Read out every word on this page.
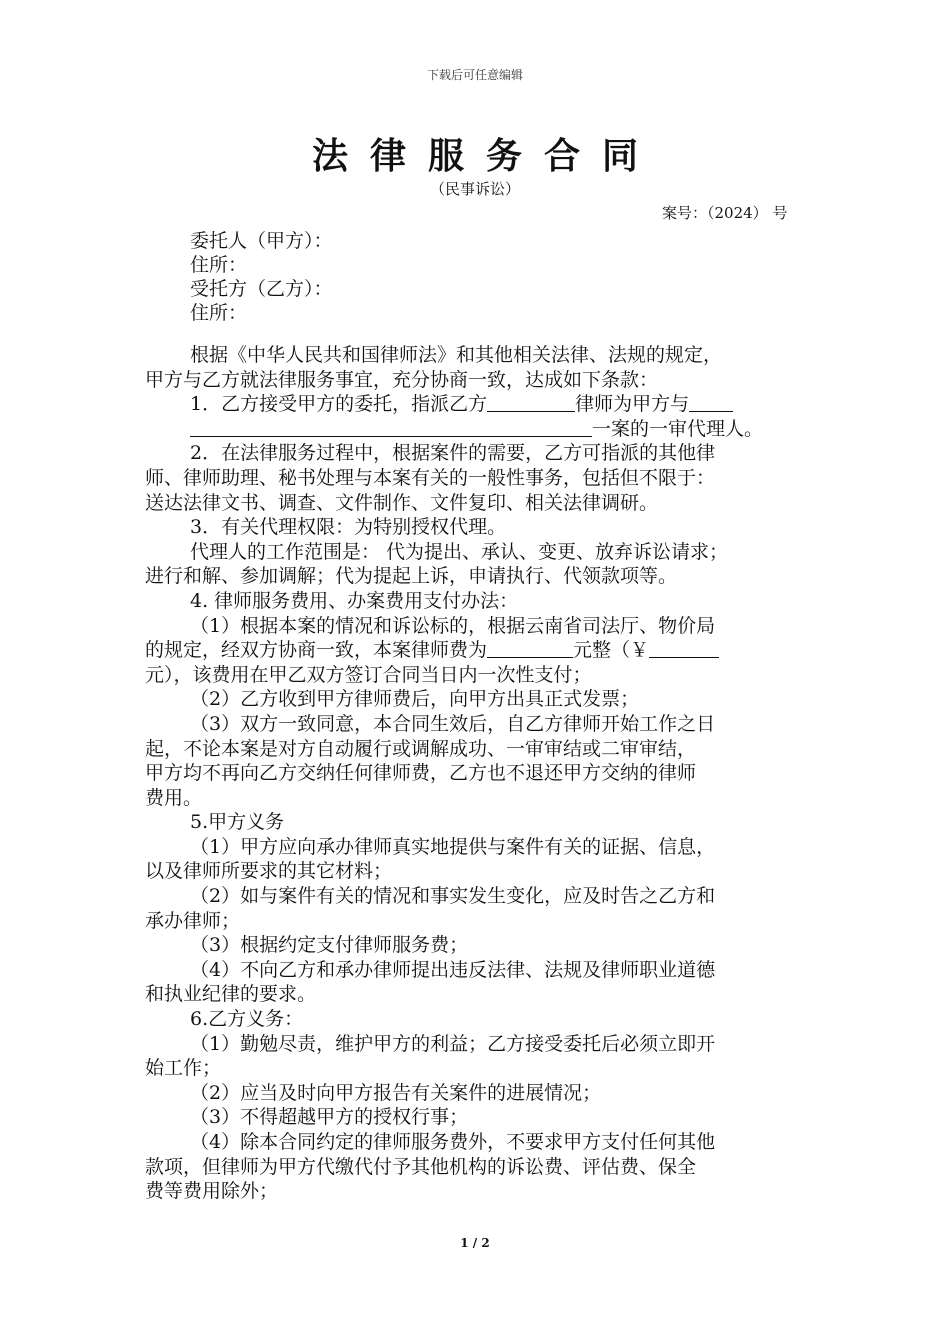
下载后可任意编辑
法律服务合同
（民事诉讼）
案号：（2024） 号
委托人（甲方）：
住所：
受托方（乙方）：
住所：
根据《中华人民共和国律师法》和其他相关法律、法规的规定，
甲方与乙方就法律服务事宜，充分协商一致，达成如下条款：
1．乙方接受甲方的委托，指派乙方	律师为甲方与
一案的一审代理人。
2．在法律服务过程中，根据案件的需要，乙方可指派的其他律
师、律师助理、秘书处理与本案有关的一般性事务，包括但不限于：
送达法律文书、调查、文件制作、文件复印、相关法律调研。
3．有关代理权限：为特别授权代理。
代理人的工作范围是： 代为提出、承认、变更、放弃诉讼请求；
进行和解、参加调解；代为提起上诉，申请执行、代领款项等。
4. 律师服务费用、办案费用支付办法：
（1）根据本案的情况和诉讼标的，根据云南省司法厅、物价局
的规定，经双方协商一致，本案律师费为	元整（￥
元），该费用在甲乙双方签订合同当日内一次性支付；
（2）乙方收到甲方律师费后，向甲方出具正式发票；
（3）双方一致同意，本合同生效后，自乙方律师开始工作之日
起，不论本案是对方自动履行或调解成功、一审审结或二审审结，
甲方均不再向乙方交纳任何律师费，乙方也不退还甲方交纳的律师
费用。
5.甲方义务
（1）甲方应向承办律师真实地提供与案件有关的证据、信息，
以及律师所要求的其它材料；
（2）如与案件有关的情况和事实发生变化，应及时告之乙方和
承办律师；
（3）根据约定支付律师服务费；
（4）不向乙方和承办律师提出违反法律、法规及律师职业道德
和执业纪律的要求。
6.乙方义务：
（1）勤勉尽责，维护甲方的利益；乙方接受委托后必须立即开
始工作；
（2）应当及时向甲方报告有关案件的进展情况；
（3）不得超越甲方的授权行事；
（4）除本合同约定的律师服务费外，不要求甲方支付任何其他
款项，但律师为甲方代缴代付予其他机构的诉讼费、评估费、保全
费等费用除外；
1 / 2
